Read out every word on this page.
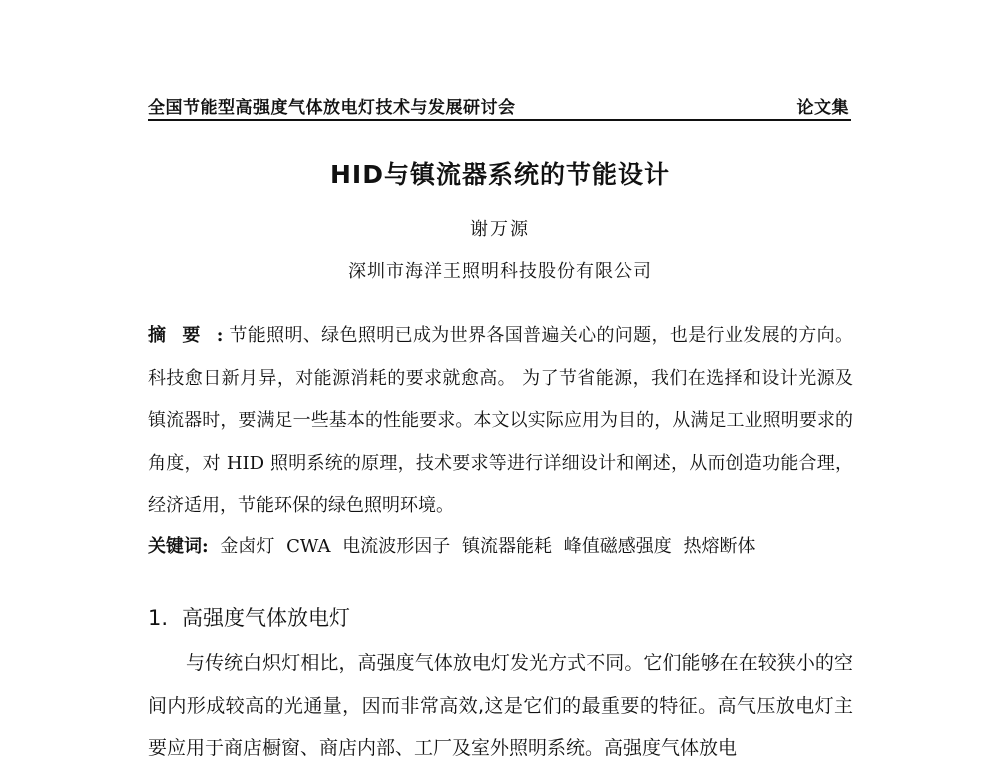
全国节能型高强度气体放电灯技术与发展研讨会	论文集
HID与镇流器系统的节能设计
谢万源
深圳市海洋王照明科技股份有限公司
摘要: 节能照明、绿色照明已成为世界各国普遍关心的问题，也是行业发展的方向。科技愈日新月异，对能源消耗的要求就愈高。 为了节省能源，我们在选择和设计光源及镇流器时，要满足一些基本的性能要求。本文以实际应用为目的，从满足工业照明要求的角度，对 HID 照明系统的原理，技术要求等进行详细设计和阐述，从而创造功能合理，经济适用，节能环保的绿色照明环境。
关键词: 金卤灯 CWA 电流波形因子 镇流器能耗 峰值磁感强度 热熔断体
1. 高强度气体放电灯
与传统白炽灯相比，高强度气体放电灯发光方式不同。它们能够在在较狭小的空间内形成较高的光通量，因而非常高效,这是它们的最重要的特征。高气压放电灯主要应用于商店橱窗、商店内部、工厂及室外照明系统。高强度气体放电
